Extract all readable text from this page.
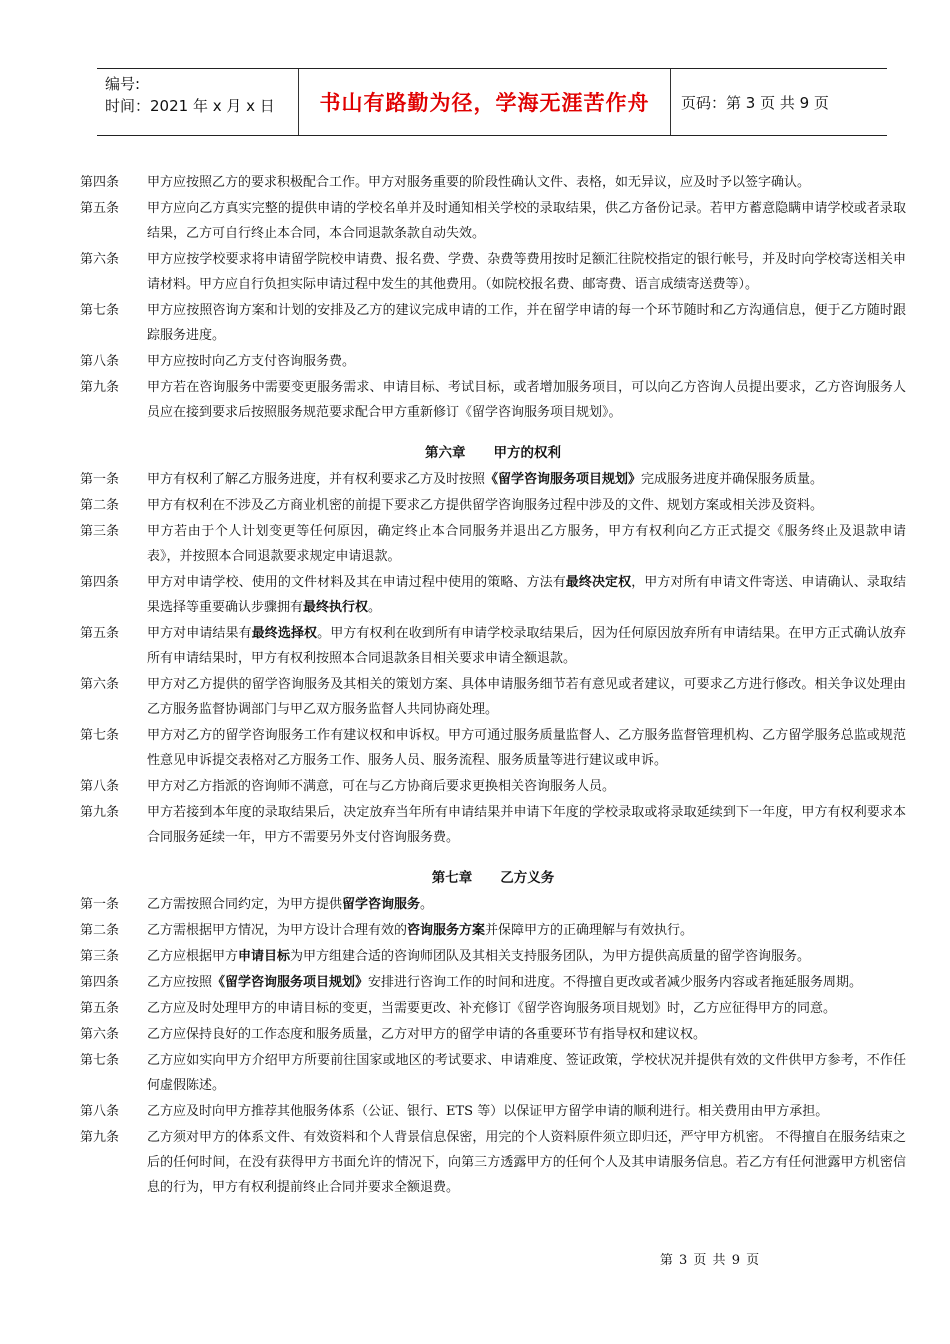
编号:
时间：2021 年 x 月 x 日	书山有路勤为径，学海无涯苦作舟	页码：第 3 页 共 9 页
第四条	甲方应按照乙方的要求积极配合工作。甲方对服务重要的阶段性确认文件、表格，如无异议，应及时予以签字确认。
第五条	甲方应向乙方真实完整的提供申请的学校名单并及时通知相关学校的录取结果，供乙方备份记录。若甲方蓄意隐瞒申请学校或者录取结果，乙方可自行终止本合同，本合同退款条款自动失效。
第六条	甲方应按学校要求将申请留学院校申请费、报名费、学费、杂费等费用按时足额汇往院校指定的银行帐号，并及时向学校寄送相关申请材料。甲方应自行负担实际申请过程中发生的其他费用。（如院校报名费、邮寄费、语言成绩寄送费等）。
第七条	甲方应按照咨询方案和计划的安排及乙方的建议完成申请的工作，并在留学申请的每一个环节随时和乙方沟通信息，便于乙方随时跟踪服务进度。
第八条	甲方应按时向乙方支付咨询服务费。
第九条	甲方若在咨询服务中需要变更服务需求、申请目标、考试目标，或者增加服务项目，可以向乙方咨询人员提出要求，乙方咨询服务人员应在接到要求后按照服务规范要求配合甲方重新修订《留学咨询服务项目规划》。
第六章 甲方的权利
第一条	甲方有权利了解乙方服务进度，并有权利要求乙方及时按照《留学咨询服务项目规划》完成服务进度并确保服务质量。
第二条	甲方有权利在不涉及乙方商业机密的前提下要求乙方提供留学咨询服务过程中涉及的文件、规划方案或相关涉及资料。
第三条	甲方若由于个人计划变更等任何原因，确定终止本合同服务并退出乙方服务，甲方有权利向乙方正式提交《服务终止及退款申请表》，并按照本合同退款要求规定申请退款。
第四条	甲方对申请学校、使用的文件材料及其在申请过程中使用的策略、方法有最终决定权，甲方对所有申请文件寄送、申请确认、录取结果选择等重要确认步骤拥有最终执行权。
第五条	甲方对申请结果有最终选择权。甲方有权利在收到所有申请学校录取结果后，因为任何原因放弃所有申请结果。在甲方正式确认放弃所有申请结果时，甲方有权利按照本合同退款条目相关要求申请全额退款。
第六条	甲方对乙方提供的留学咨询服务及其相关的策划方案、具体申请服务细节若有意见或者建议，可要求乙方进行修改。相关争议处理由乙方服务监督协调部门与甲乙双方服务监督人共同协商处理。
第七条	甲方对乙方的留学咨询服务工作有建议权和申诉权。甲方可通过服务质量监督人、乙方服务监督管理机构、乙方留学服务总监或规范性意见申诉提交表格对乙方服务工作、服务人员、服务流程、服务质量等进行建议或申诉。
第八条	甲方对乙方指派的咨询师不满意，可在与乙方协商后要求更换相关咨询服务人员。
第九条	甲方若接到本年度的录取结果后，决定放弃当年所有申请结果并申请下年度的学校录取或将录取延续到下一年度，甲方有权利要求本合同服务延续一年，甲方不需要另外支付咨询服务费。
第七章 乙方义务
第一条	乙方需按照合同约定，为甲方提供留学咨询服务。
第二条	乙方需根据甲方情况，为甲方设计合理有效的咨询服务方案并保障甲方的正确理解与有效执行。
第三条	乙方应根据甲方申请目标为甲方组建合适的咨询师团队及其相关支持服务团队，为甲方提供高质量的留学咨询服务。
第四条	乙方应按照《留学咨询服务项目规划》安排进行咨询工作的时间和进度。不得擅自更改或者减少服务内容或者拖延服务周期。
第五条	乙方应及时处理甲方的申请目标的变更，当需要更改、补充修订《留学咨询服务项目规划》时，乙方应征得甲方的同意。
第六条	乙方应保持良好的工作态度和服务质量，乙方对甲方的留学申请的各重要环节有指导权和建议权。
第七条	乙方应如实向甲方介绍甲方所要前往国家或地区的考试要求、申请难度、签证政策，学校状况并提供有效的文件供甲方参考，不作任何虚假陈述。
第八条	乙方应及时向甲方推荐其他服务体系（公证、银行、ETS 等）以保证甲方留学申请的顺利进行。相关费用由甲方承担。
第九条	乙方须对甲方的体系文件、有效资料和个人背景信息保密，用完的个人资料原件须立即归还，严守甲方机密。 不得擅自在服务结束之后的任何时间，在没有获得甲方书面允许的情况下，向第三方透露甲方的任何个人及其申请服务信息。若乙方有任何泄露甲方机密信息的行为，甲方有权利提前终止合同并要求全额退费。
第 3 页 共 9 页
